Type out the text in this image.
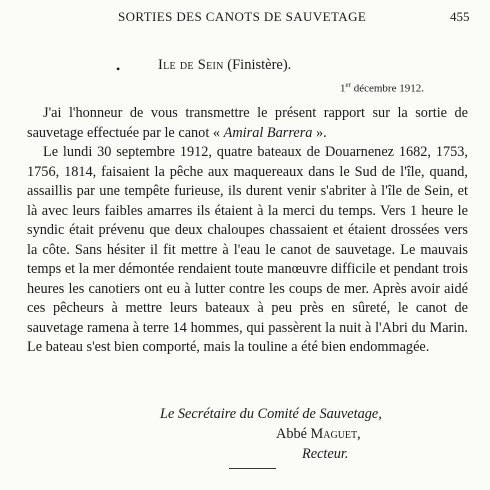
SORTIES DES CANOTS DE SAUVETAGE	455
•	Ile de Sein (Finistère).
1er décembre 1912.

J'ai l'honneur de vous transmettre le présent rapport sur la sortie de sauvetage effectuée par le canot « Amiral Barrera ».

Le lundi 30 septembre 1912, quatre bateaux de Douarnenez 1682, 1753, 1756, 1814, faisaient la pêche aux maquereaux dans le Sud de l'île, quand, assaillis par une tempête furieuse, ils durent venir s'abriter à l'île de Sein, et là avec leurs faibles amarres ils étaient à la merci du temps. Vers 1 heure le syndic était prévenu que deux chaloupes chassaient et étaient drossées vers la côte. Sans hésiter il fit mettre à l'eau le canot de sauvetage. Le mauvais temps et la mer démontée rendaient toute manœuvre difficile et pendant trois heures les canotiers ont eu à lutter contre les coups de mer. Après avoir aidé ces pêcheurs à mettre leurs bateaux à peu près en sûreté, le canot de sauvetage ramena à terre 14 hommes, qui passèrent la nuit à l'Abri du Marin. Le bateau s'est bien comporté, mais la touline a été bien endommagée.

Le Secrétaire du Comité de Sauvetage,
Abbé Maguet,
Recteur.
